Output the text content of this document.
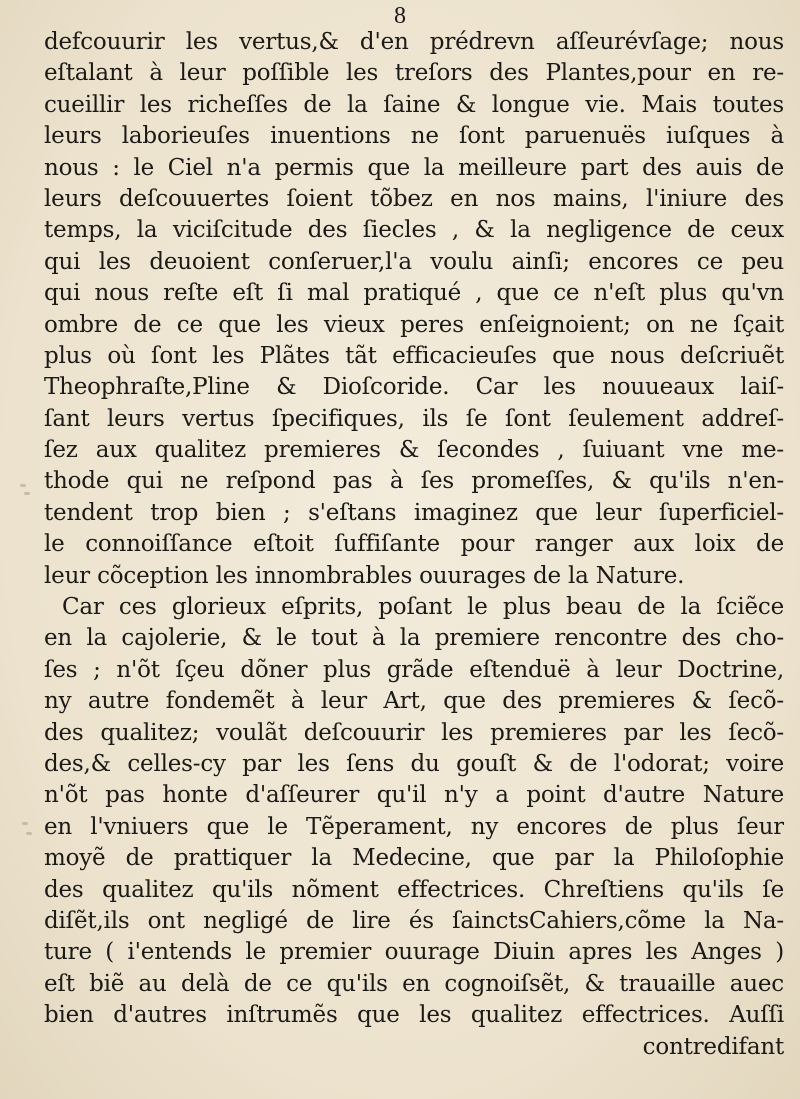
8
defcouurir les vertus,& d'en prédrevn aſſeurévſage; nous
eſtalant à leur poſſible les treſors des Plantes,pour en re-
cueillir les richeſſes de la ſaine & longue vie. Mais toutes
leurs laborieuſes inuentions ne ſont paruenuës iuſques à
nous : le Ciel n'a permis que la meilleure part des auis de
leurs deſcouuertes ſoient tõbez en nos mains, l'iniure des
temps, la viciſcitude des ſiecles , & la negligence de ceux
qui les deuoient conſeruer,l'a voulu ainſi; encores ce peu
qui nous reſte eſt ſi mal pratiqué , que ce n'eſt plus qu'vn
ombre de ce que les vieux peres enſeignoient; on ne ſçait
plus où ſont les Plãtes tãt efficacieuſes que nous deſcriuẽt
Theophraſte,Pline & Dioſcoride. Car les nouueaux laiſ-
ſant leurs vertus ſpecifiques, ils ſe ſont ſeulement addreſ-
ſez aux qualitez premieres & ſecondes , ſuiuant vne me-
thode qui ne reſpond pas à ſes promeſſes, & qu'ils n'en-
tendent trop bien ; s'eſtans imaginez que leur ſuperficiel-
le connoiſſance eſtoit ſuffiſante pour ranger aux loix de
leur cõception les innombrables ouurages de la Nature.
Car ces glorieux eſprits, poſant le plus beau de la ſciẽce
en la cajolerie, & le tout à la premiere rencontre des cho-
ſes ; n'õt ſçeu dõner plus grãde eſtenduë à leur Doctrine,
ny autre fondemẽt à leur Art, que des premieres & ſecõ-
des qualitez; voulãt deſcouurir les premieres par les ſecõ-
des,& celles-cy par les ſens du gouſt & de l'odorat; voire
n'õt pas honte d'aſſeurer qu'il n'y a point d'autre Nature
en l'vniuers que le Tẽperament, ny encores de plus ſeur
moyẽ de prattiquer la Medecine, que par la Philoſophie
des qualitez qu'ils nõment effectrices. Chreſtiens qu'ils ſe
diſẽt,ils ont negligé de lire és ſainctsCahiers,cõme la Na-
ture ( i'entends le premier ouurage Diuin apres les Anges )
eſt biẽ au delà de ce qu'ils en cognoiſsẽt, & trauaille auec
bien d'autres inſtrumẽs que les qualitez effectrices. Auſſi
contredifant
